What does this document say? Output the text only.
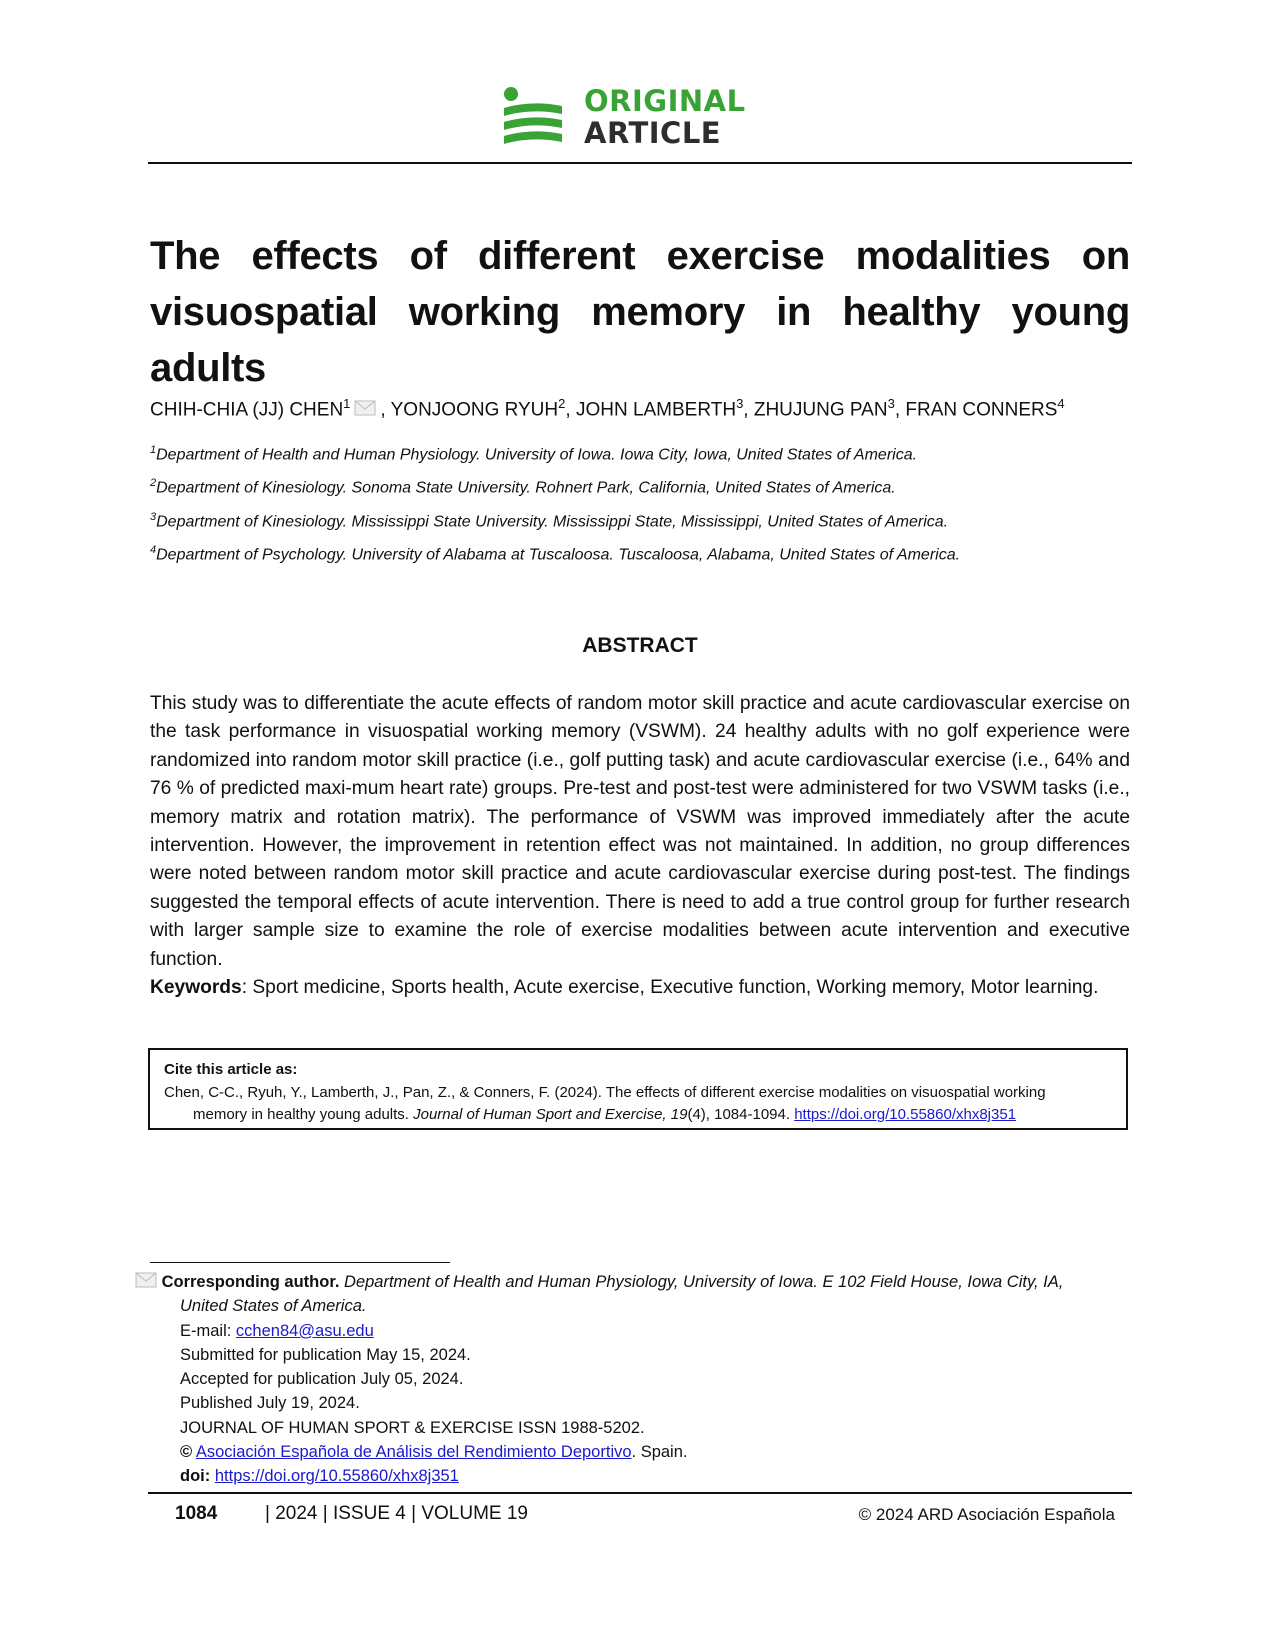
ORIGINAL
ARTICLE
The effects of different exercise modalities on visuospatial working memory in healthy young adults
CHIH-CHIA (JJ) CHEN$^1$ , YONJOONG RYUH$^2$, JOHN LAMBERTH$^3$, ZHUJUNG PAN$^3$, FRAN CONNERS$^4$
$^1$Department of Health and Human Physiology. University of Iowa. Iowa City, Iowa, United States of America.
$^2$Department of Kinesiology. Sonoma State University. Rohnert Park, California, United States of America.
$^3$Department of Kinesiology. Mississippi State University. Mississippi State, Mississippi, United States of America.
$^4$Department of Psychology. University of Alabama at Tuscaloosa. Tuscaloosa, Alabama, United States of America.
ABSTRACT
This study was to differentiate the acute effects of random motor skill practice and acute cardiovascular exercise on the task performance in visuospatial working memory (VSWM). 24 healthy adults with no golf experience were randomized into random motor skill practice (i.e., golf putting task) and acute cardiovascular exercise (i.e., 64% and 76 % of predicted maxi-mum heart rate) groups. Pre-test and post-test were administered for two VSWM tasks (i.e., memory matrix and rotation matrix). The performance of VSWM was improved immediately after the acute intervention. However, the improvement in retention effect was not maintained. In addition, no group differences were noted between random motor skill practice and acute cardiovascular exercise during post-test. The findings suggested the temporal effects of acute intervention. There is need to add a true control group for further research with larger sample size to examine the role of exercise modalities between acute intervention and executive function.
Keywords: Sport medicine, Sports health, Acute exercise, Executive function, Working memory, Motor learning.
Cite this article as:
Chen, C-C., Ryuh, Y., Lamberth, J., Pan, Z., & Conners, F. (2024). The effects of different exercise modalities on visuospatial working
memory in healthy young adults. Journal of Human Sport and Exercise, 19(4), 1084-1094. https://doi.org/10.55860/xhx8j351
Corresponding author. Department of Health and Human Physiology, University of Iowa. E 102 Field House, Iowa City, IA,
United States of America.
E-mail: cchen84@asu.edu
Submitted for publication May 15, 2024.
Accepted for publication July 05, 2024.
Published July 19, 2024.
JOURNAL OF HUMAN SPORT & EXERCISE ISSN 1988-5202.
© Asociación Española de Análisis del Rendimiento Deportivo. Spain.
doi: https://doi.org/10.55860/xhx8j351
1084	| 2024 | ISSUE 4 | VOLUME 19	© 2024 ARD Asociación Española
